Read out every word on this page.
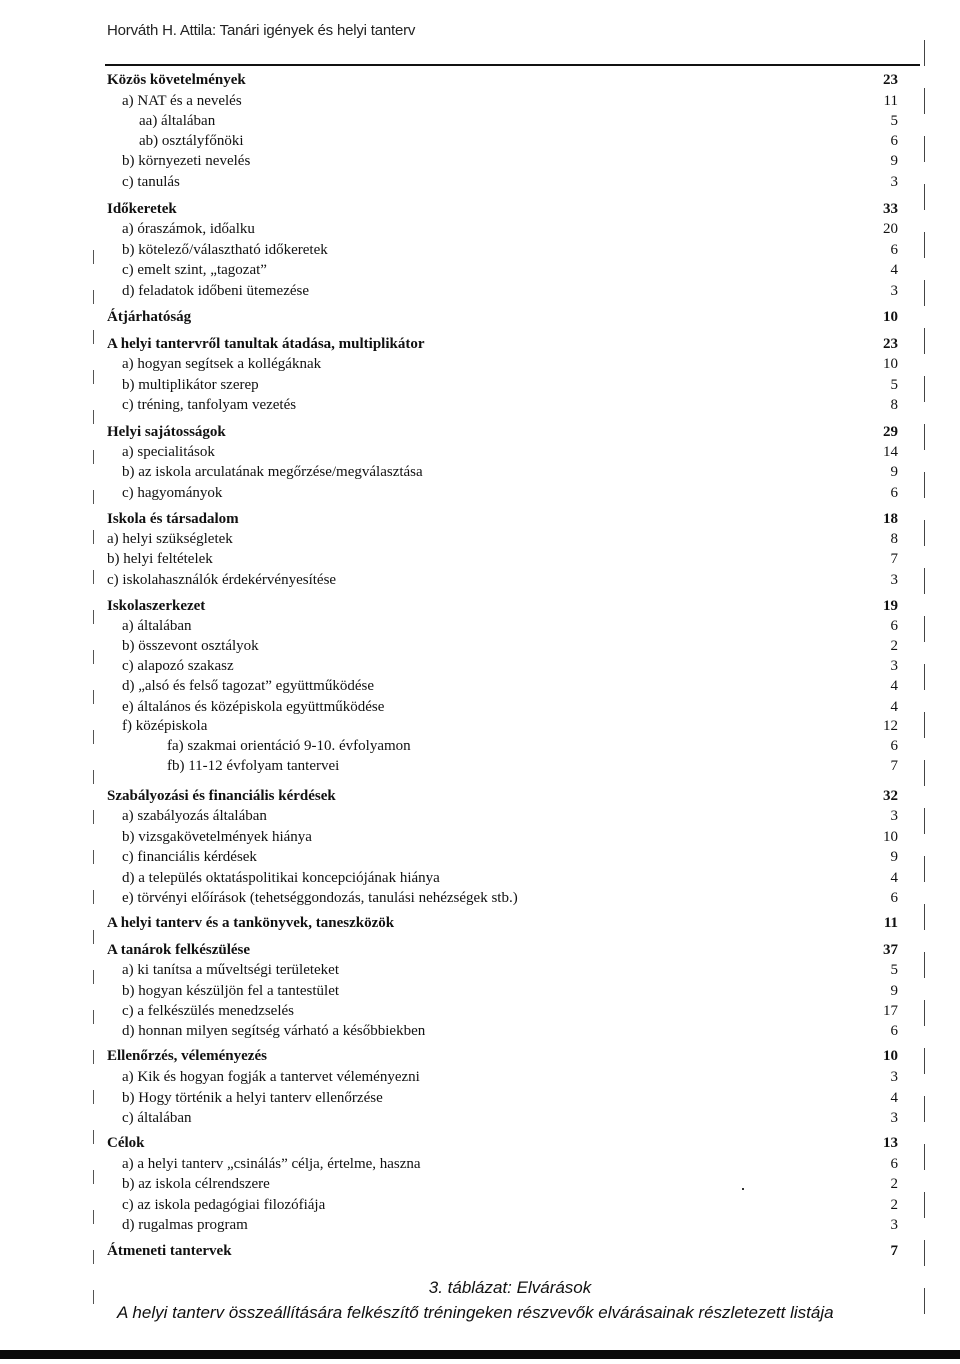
Horváth H. Attila: Tanári igények és helyi tanterv
Közös követelmények	23
a) NAT és a nevelés	11
aa) általában	5
ab) osztályfőnöki	6
b) környezeti nevelés	9
c) tanulás	3
Időkeretek	33
a) óraszámok, időalku	20
b) kötelező/választható időkeretek	6
c) emelt szint, „tagozat”	4
d) feladatok időbeni ütemezése	3
Átjárhatóság	10
A helyi tantervről tanultak átadása, multiplikátor	23
a) hogyan segítsek a kollégáknak	10
b) multiplikátor szerep	5
c) tréning, tanfolyam vezetés	8
Helyi sajátosságok	29
a) specialitások	14
b) az iskola arculatának megőrzése/megválasztása	9
c) hagyományok	6
Iskola és társadalom	18
a) helyi szükségletek	8
b) helyi feltételek	7
c) iskolahasználók érdekérvényesítése	3
Iskolaszerkezet	19
a) általában	6
b) összevont osztályok	2
c) alapozó szakasz	3
d) „alsó és felső tagozat” együttműködése	4
e) általános és középiskola együttműködése	4
f) középiskola	12
fa) szakmai orientáció 9-10. évfolyamon	6
fb) 11-12 évfolyam tantervei	7
Szabályozási és financiális kérdések	32
a) szabályozás általában	3
b) vizsgakövetelmények hiánya	10
c) financiális kérdések	9
d) a település oktatáspolitikai koncepciójának hiánya	4
e) törvényi előírások (tehetséggondozás, tanulási nehézségek stb.)	6
A helyi tanterv és a tankönyvek, taneszközök	11
A tanárok felkészülése	37
a) ki tanítsa a műveltségi területeket	5
b) hogyan készüljön fel a tantestület	9
c) a felkészülés menedzselés	17
d) honnan milyen segítség várható a későbbiekben	6
Ellenőrzés, véleményezés	10
a) Kik és hogyan fogják a tantervet véleményezni	3
b) Hogy történik a helyi tanterv ellenőrzése	4
c) általában	3
Célok	13
a) a helyi tanterv „csinálás” célja, értelme, haszna	6
b) az iskola célrendszere	2
c) az iskola pedagógiai filozófiája	2
d) rugalmas program	3
Átmeneti tantervek	7
3. táblázat: Elvárások
A helyi tanterv összeállítására felkészítő tréningeken részvevők elvárásainak részletezett listája
